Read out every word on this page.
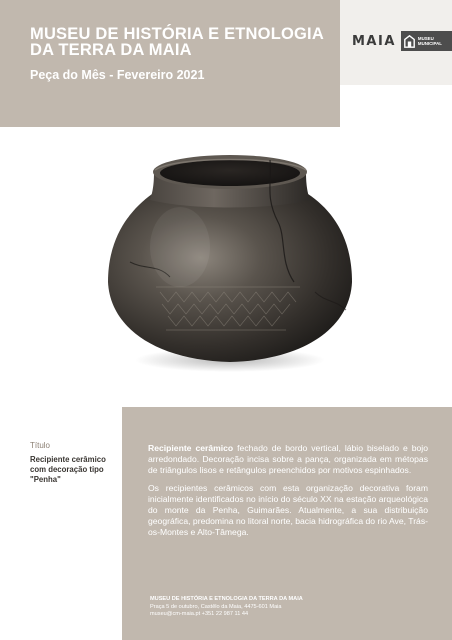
MUSEU DE HISTÓRIA E ETNOLOGIA DA TERRA DA MAIA
Peça do Mês - Fevereiro 2021
MAIA	MUSEU
MUNICIPAL
Título
Recipiente cerâmico com decoração tipo "Penha"

Recipiente cerâmico fechado de bordo vertical, lábio biselado e bojo arredondado. Decoração incisa sobre a pança, organizada em métopas de triângulos lisos e retângulos preenchidos por motivos espinhados.

Os recipientes cerâmicos com esta organização decorativa foram inicialmente identificados no início do século XX na estação arqueológica do monte da Penha, Guimarães. Atualmente, a sua distribuição geográfica, predomina no litoral norte, bacia hidrográfica do rio Ave, Trás-os-Montes e Alto-Tâmega.

MUSEU DE HISTÓRIA E ETNOLOGIA DA TERRA DA MAIA
Praça 5 de outubro, Castêlo da Maia, 4475-601 Maia
museu@cm-maia.pt +351 22 987 11 44
